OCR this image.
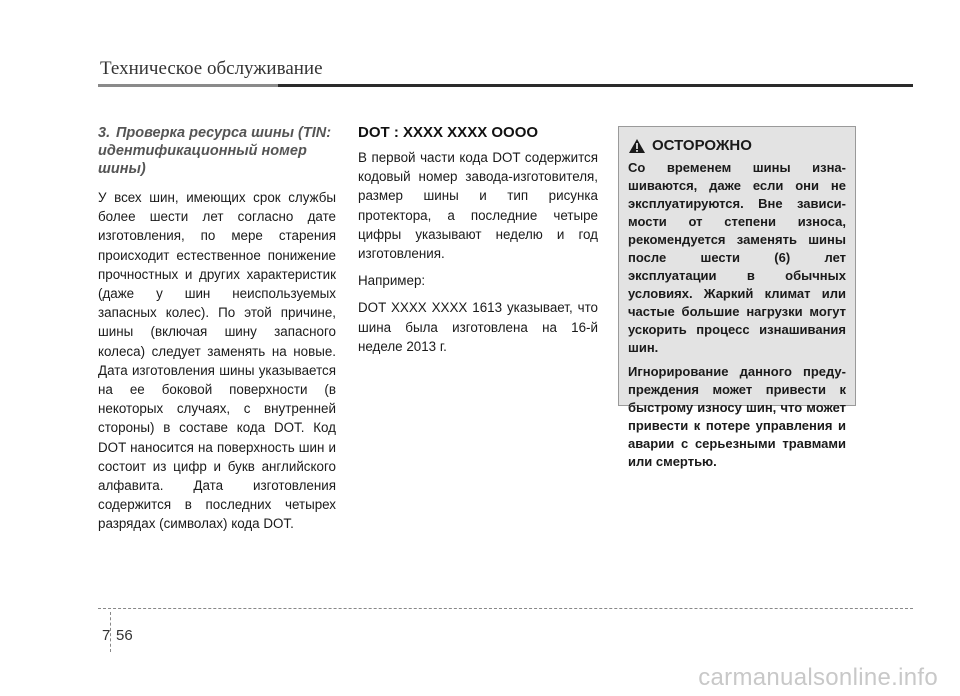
Техническое обслуживание
3. Проверка ресурса шины (TIN: идентификационный номер шины)

У всех шин, имеющих срок службы более шести лет согласно дате изготовления, по мере старения происходит естественное понижение прочностных и других характеристик (даже у шин неиспользуемых запасных колес). По этой причине, шины (включая шину запасного колеса) следует заменять на новые. Дата изготовления шины указывается на ее боковой поверхности (в некоторых случаях, с внутренней стороны) в составе кода DOT. Код DOT наносится на поверхность шин и состоит из цифр и букв английского алфавита. Дата изготовления содержится в последних четырех разрядах (символах) кода DOT.

DOT : XXXX XXXX OOOO

В первой части кода DOT содержится кодовый номер завода-изготовителя, размер шины и тип рисунка протектора, а последние четыре цифры указывают неделю и год изготовления.

Например:

DOT XXXX XXXX 1613 указывает, что шина была изготовлена на 16-й неделе 2013 г.

ОСТОРОЖНО

Со временем шины изна-шиваются, даже если они не эксплуатируются. Вне зависи-мости от степени износа, рекомендуется заменять шины после шести (6) лет эксплуатации в обычных условиях. Жаркий климат или частые большие нагрузки могут ускорить процесс изнашивания шин.

Игнорирование данного преду-преждения может привести к быстрому износу шин, что может привести к потере управления и аварии с серьезными травмами или смертью.

7 56
carmanualsonline.info
